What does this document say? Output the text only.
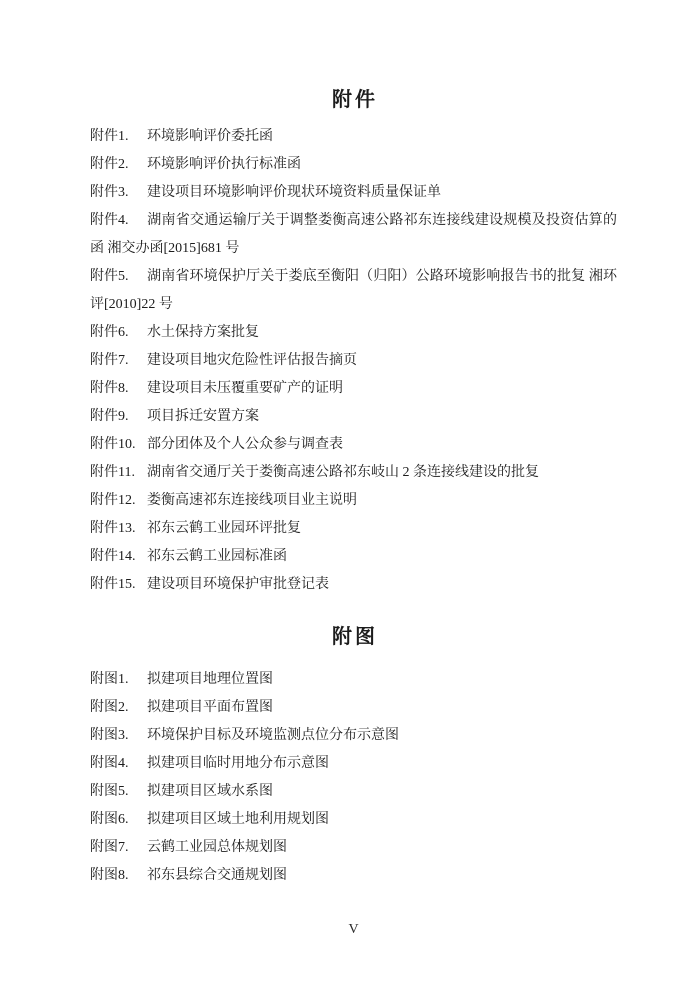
附件

附件1. 环境影响评价委托函

附件2. 环境影响评价执行标准函

附件3. 建设项目环境影响评价现状环境资料质量保证单

附件4. 湖南省交通运输厅关于调整娄衡高速公路祁东连接线建设规模及投资估算的函 湘交办函[2015]681 号

附件5. 湖南省环境保护厅关于娄底至衡阳（归阳）公路环境影响报告书的批复 湘环评[2010]22 号

附件6. 水土保持方案批复

附件7. 建设项目地灾危险性评估报告摘页

附件8. 建设项目未压覆重要矿产的证明

附件9. 项目拆迁安置方案

附件10. 部分团体及个人公众参与调查表

附件11. 湖南省交通厅关于娄衡高速公路祁东岐山 2 条连接线建设的批复

附件12. 娄衡高速祁东连接线项目业主说明

附件13. 祁东云鹤工业园环评批复

附件14. 祁东云鹤工业园标准函

附件15. 建设项目环境保护审批登记表

附图

附图1. 拟建项目地理位置图

附图2. 拟建项目平面布置图

附图3. 环境保护目标及环境监测点位分布示意图

附图4. 拟建项目临时用地分布示意图

附图5. 拟建项目区域水系图

附图6. 拟建项目区域土地利用规划图

附图7. 云鹤工业园总体规划图

附图8. 祁东县综合交通规划图

V
